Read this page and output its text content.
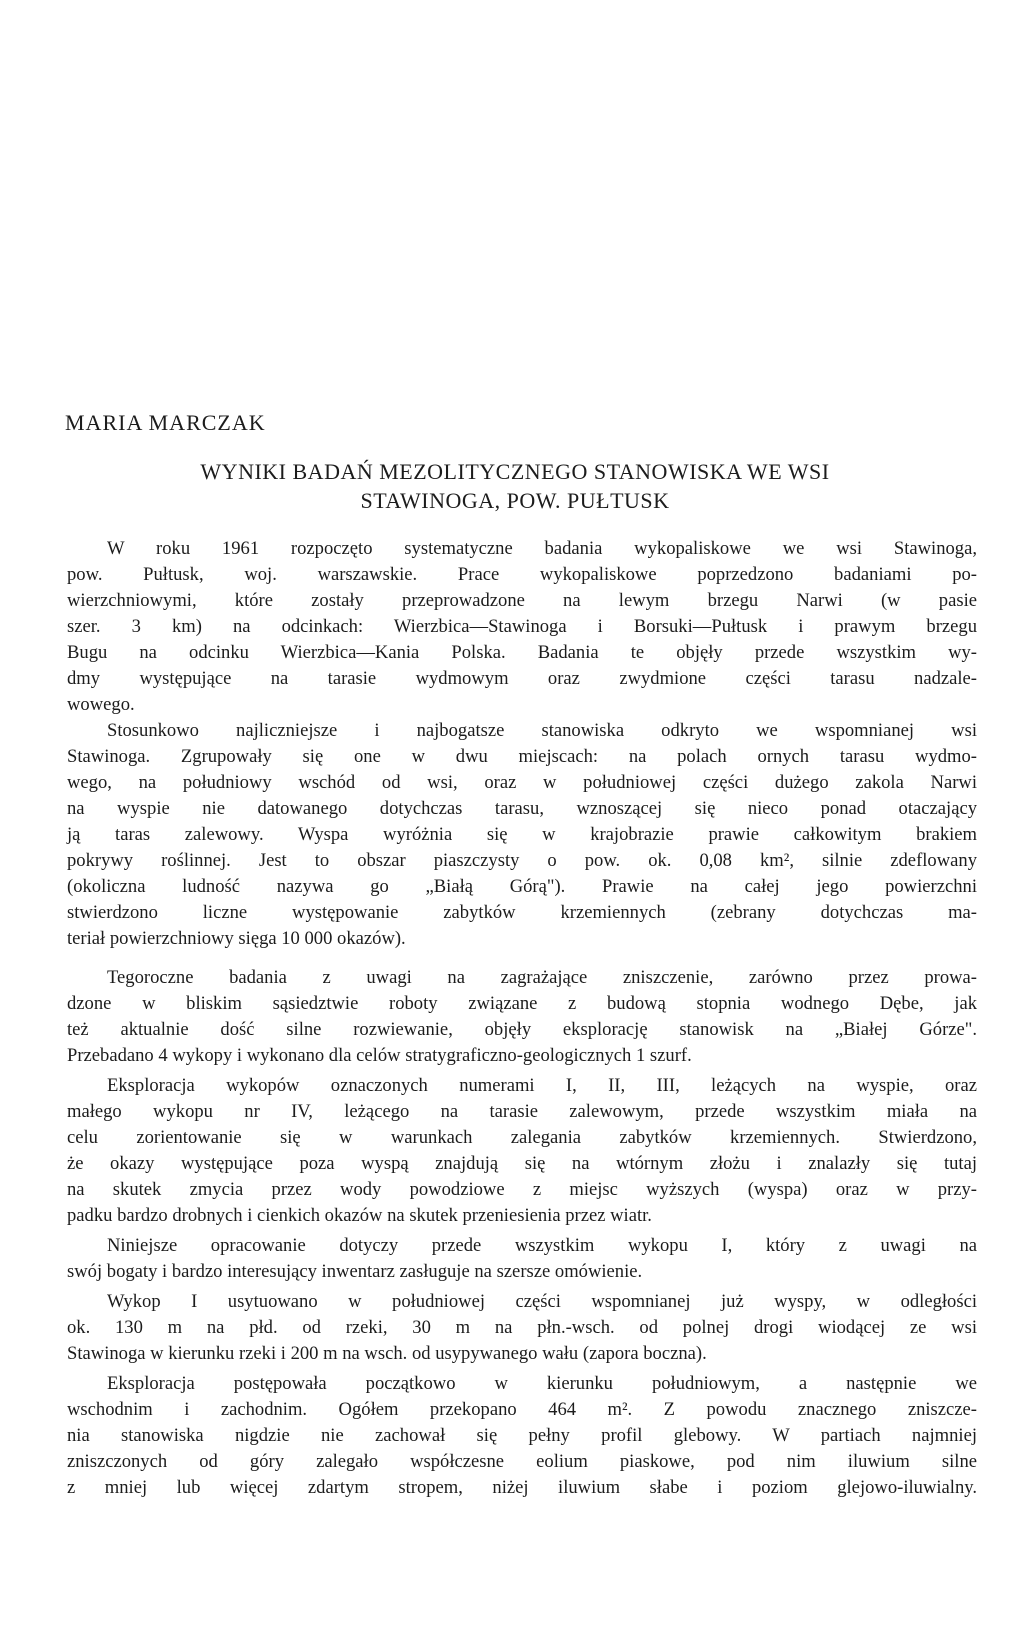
MARIA MARCZAK
WYNIKI BADAŃ MEZOLITYCZNEGO STANOWISKA WE WSI
STAWINOGA, POW. PUŁTUSK
W roku 1961 rozpoczęto systematyczne badania wykopaliskowe we wsi Stawinoga,
pow. Pułtusk, woj. warszawskie. Prace wykopaliskowe poprzedzono badaniami po-
wierzchniowymi, które zostały przeprowadzone na lewym brzegu Narwi (w pasie
szer. 3 km) na odcinkach: Wierzbica—Stawinoga i Borsuki—Pułtusk i prawym brzegu
Bugu na odcinku Wierzbica—Kania Polska. Badania te objęły przede wszystkim wy-
dmy występujące na tarasie wydmowym oraz zwydmione części tarasu nadzale-
wowego.
Stosunkowo najliczniejsze i najbogatsze stanowiska odkryto we wspomnianej wsi
Stawinoga. Zgrupowały się one w dwu miejscach: na polach ornych tarasu wydmo-
wego, na południowy wschód od wsi, oraz w południowej części dużego zakola Narwi
na wyspie nie datowanego dotychczas tarasu, wznoszącej się nieco ponad otaczający
ją taras zalewowy. Wyspa wyróżnia się w krajobrazie prawie całkowitym brakiem
pokrywy roślinnej. Jest to obszar piaszczysty o pow. ok. 0,08 km², silnie zdeflowany
(okoliczna ludność nazywa go „Białą Górą"). Prawie na całej jego powierzchni
stwierdzono liczne występowanie zabytków krzemiennych (zebrany dotychczas ma-
teriał powierzchniowy sięga 10 000 okazów).
Tegoroczne badania z uwagi na zagrażające zniszczenie, zarówno przez prowa-
dzone w bliskim sąsiedztwie roboty związane z budową stopnia wodnego Dębe, jak
też aktualnie dość silne rozwiewanie, objęły eksplorację stanowisk na „Białej Górze".
Przebadano 4 wykopy i wykonano dla celów stratygraficzno-geologicznych 1 szurf.
Eksploracja wykopów oznaczonych numerami I, II, III, leżących na wyspie, oraz
małego wykopu nr IV, leżącego na tarasie zalewowym, przede wszystkim miała na
celu zorientowanie się w warunkach zalegania zabytków krzemiennych. Stwierdzono,
że okazy występujące poza wyspą znajdują się na wtórnym złożu i znalazły się tutaj
na skutek zmycia przez wody powodziowe z miejsc wyższych (wyspa) oraz w przy-
padku bardzo drobnych i cienkich okazów na skutek przeniesienia przez wiatr.
Niniejsze opracowanie dotyczy przede wszystkim wykopu I, który z uwagi na
swój bogaty i bardzo interesujący inwentarz zasługuje na szersze omówienie.
Wykop I usytuowano w południowej części wspomnianej już wyspy, w odległości
ok. 130 m na płd. od rzeki, 30 m na płn.-wsch. od polnej drogi wiodącej ze wsi
Stawinoga w kierunku rzeki i 200 m na wsch. od usypywanego wału (zapora boczna).
Eksploracja postępowała początkowo w kierunku południowym, a następnie we
wschodnim i zachodnim. Ogółem przekopano 464 m². Z powodu znacznego zniszcze-
nia stanowiska nigdzie nie zachował się pełny profil glebowy. W partiach najmniej
zniszczonych od góry zalegało współczesne eolium piaskowe, pod nim iluwium silne
z mniej lub więcej zdartym stropem, niżej iluwium słabe i poziom glejowo-iluwialny.
